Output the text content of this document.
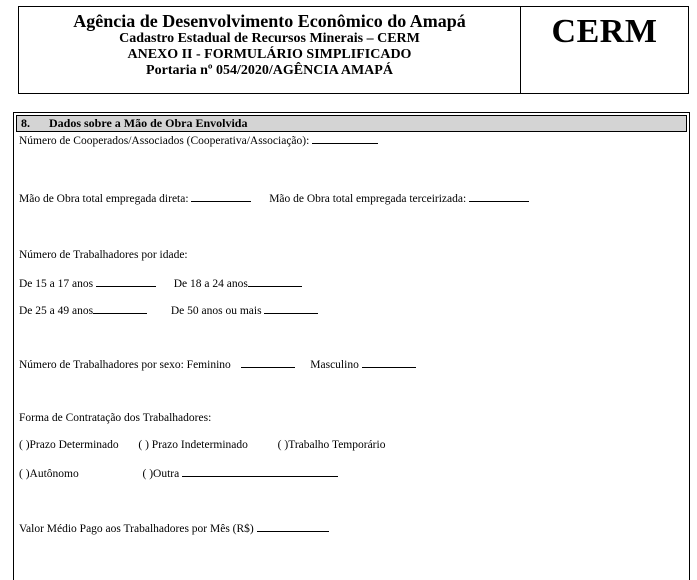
Agência de Desenvolvimento Econômico do Amapá
Cadastro Estadual de Recursos Minerais – CERM
ANEXO II - FORMULÁRIO SIMPLIFICADO
Portaria nº 054/2020/AGÊNCIA AMAPÁ
CERM
8. Dados sobre a Mão de Obra Envolvida
Número de Cooperados/Associados (Cooperativa/Associação):
Mão de Obra total empregada direta:	Mão de Obra total empregada terceirizada:
Número de Trabalhadores por idade:
De 15 a 17 anos	De 18 a 24 anos
De 25 a 49 anos	De 50 anos ou mais
Número de Trabalhadores por sexo: Feminino	Masculino
Forma de Contratação dos Trabalhadores:
( )Prazo Determinado ( ) Prazo Indeterminado	( )Trabalho Temporário
( )Autônomo	( )Outra
Valor Médio Pago aos Trabalhadores por Mês (R$)
